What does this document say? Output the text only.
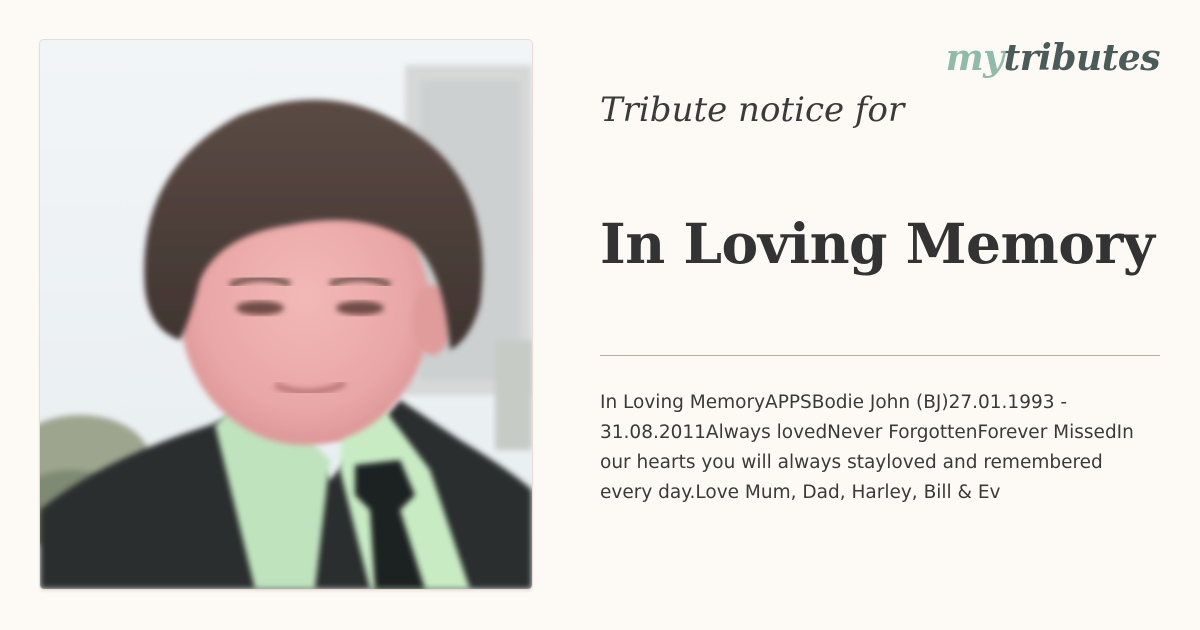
mytributes
Tribute notice for
In Loving Memory
In Loving MemoryAPPSBodie John (BJ)27.01.1993 - 31.08.2011Always lovedNever ForgottenForever MissedIn our hearts you will always stayloved and remembered every day.Love Mum, Dad, Harley, Bill & Ev
